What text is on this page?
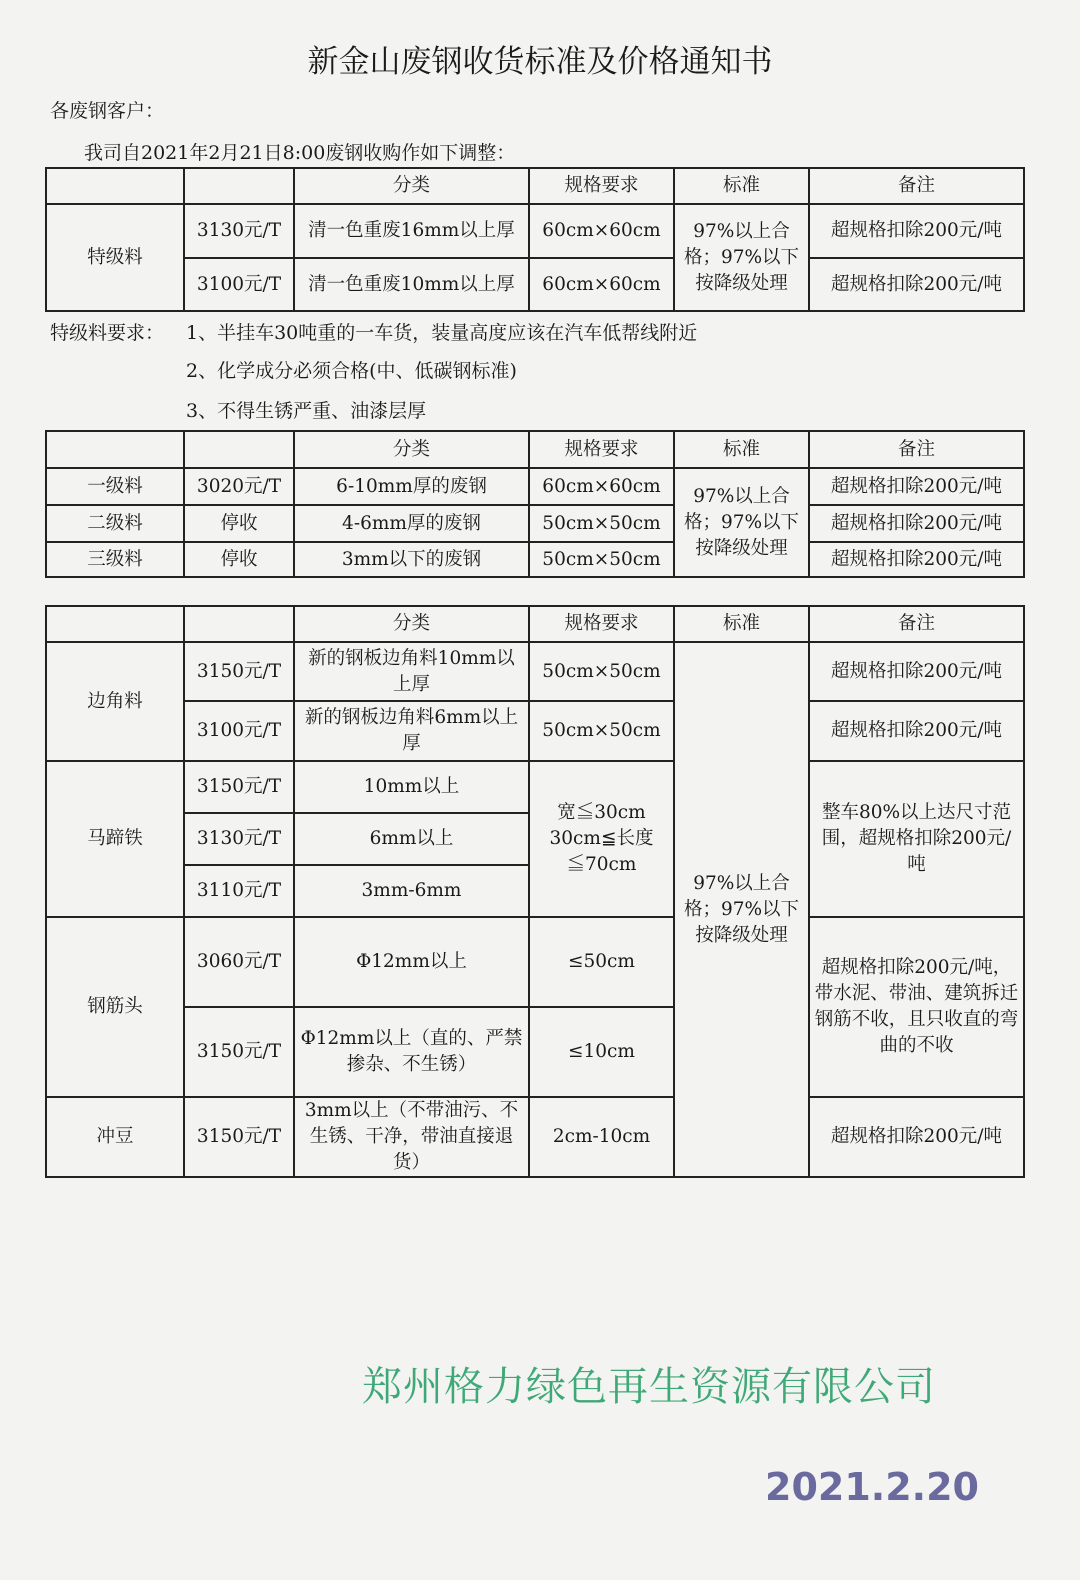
新金山废钢收货标准及价格通知书
各废钢客户：
我司自2021年2月21日8:00废钢收购作如下调整：
		分类	规格要求	标准	备注
特级料	3130元/T	清一色重废16mm以上厚	60cm×60cm	97%以上合格；97%以下按降级处理	超规格扣除200元/吨
	3100元/T	清一色重废10mm以上厚	60cm×60cm		超规格扣除200元/吨
特级料要求： 1、半挂车30吨重的一车货，装量高度应该在汽车低帮线附近
2、化学成分必须合格(中、低碳钢标准)
3、不得生锈严重、油漆层厚
		分类	规格要求	标准	备注
一级料	3020元/T	6-10mm厚的废钢	60cm×60cm	97%以上合格；97%以下按降级处理	超规格扣除200元/吨
二级料	停收	4-6mm厚的废钢	50cm×50cm		超规格扣除200元/吨
三级料	停收	3mm以下的废钢	50cm×50cm		超规格扣除200元/吨
		分类	规格要求	标准	备注
边角料	3150元/T	新的钢板边角料10mm以上厚	50cm×50cm	97%以上合格；97%以下按降级处理	超规格扣除200元/吨
	3100元/T	新的钢板边角料6mm以上厚	50cm×50cm		超规格扣除200元/吨
马蹄铁	3150元/T	10mm以上	宽≦30cm 30cm≦长度≦70cm		整车80%以上达尺寸范围，超规格扣除200元/吨
	3130元/T	6mm以上			
	3110元/T	3mm-6mm			
钢筋头	3060元/T	Φ12mm以上	≤50cm		超规格扣除200元/吨，带水泥、带油、建筑拆迁钢筋不收，且只收直的弯曲的不收
	3150元/T	Φ12mm以上（直的、严禁掺杂、不生锈）	≤10cm		
冲豆	3150元/T	3mm以上（不带油污、不生锈、干净，带油直接退货）	2cm-10cm		超规格扣除200元/吨
郑州格力绿色再生资源有限公司
2021.2.20
